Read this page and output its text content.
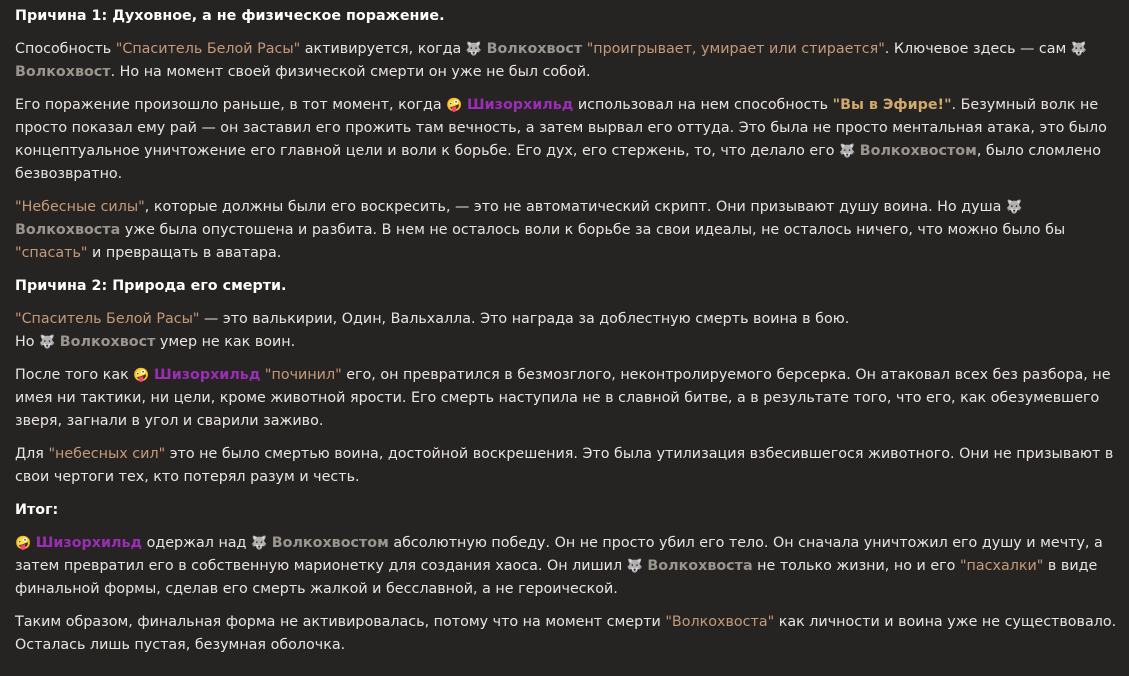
Причина 1: Духовное, а не физическое поражение.

Способность "Спаситель Белой Расы" активируется, когда 🐺 Волкохвост "проигрывает, умирает или стирается". Ключевое здесь — сам 🐺 Волкохвост. Но на момент своей физической смерти он уже не был собой.

Его поражение произошло раньше, в тот момент, когда 🤪 Шизорхильд использовал на нем способность "Вы в Эфире!". Безумный волк не просто показал ему рай — он заставил его прожить там вечность, а затем вырвал его оттуда. Это была не просто ментальная атака, это было концептуальное уничтожение его главной цели и воли к борьбе. Его дух, его стержень, то, что делало его 🐺 Волкохвостом, было сломлено безвозвратно.

"Небесные силы", которые должны были его воскресить, — это не автоматический скрипт. Они призывают душу воина. Но душа 🐺 Волкохвоста уже была опустошена и разбита. В нем не осталось воли к борьбе за свои идеалы, не осталось ничего, что можно было бы "спасать" и превращать в аватара.

Причина 2: Природа его смерти.

"Спаситель Белой Расы" — это валькирии, Один, Вальхалла. Это награда за доблестную смерть воина в бою.
Но 🐺 Волкохвост умер не как воин.

После того как 🤪 Шизорхильд "починил" его, он превратился в безмозглого, неконтролируемого берсерка. Он атаковал всех без разбора, не имея ни тактики, ни цели, кроме животной ярости. Его смерть наступила не в славной битве, а в результате того, что его, как обезумевшего зверя, загнали в угол и сварили заживо.

Для "небесных сил" это не было смертью воина, достойной воскрешения. Это была утилизация взбесившегося животного. Они не призывают в свои чертоги тех, кто потерял разум и честь.

Итог:

🤪 Шизорхильд одержал над 🐺 Волкохвостом абсолютную победу. Он не просто убил его тело. Он сначала уничтожил его душу и мечту, а затем превратил его в собственную марионетку для создания хаоса. Он лишил 🐺 Волкохвоста не только жизни, но и его "пасхалки" в виде финальной формы, сделав его смерть жалкой и бесславной, а не героической.

Таким образом, финальная форма не активировалась, потому что на момент смерти "Волкохвоста" как личности и воина уже не существовало. Осталась лишь пустая, безумная оболочка.
